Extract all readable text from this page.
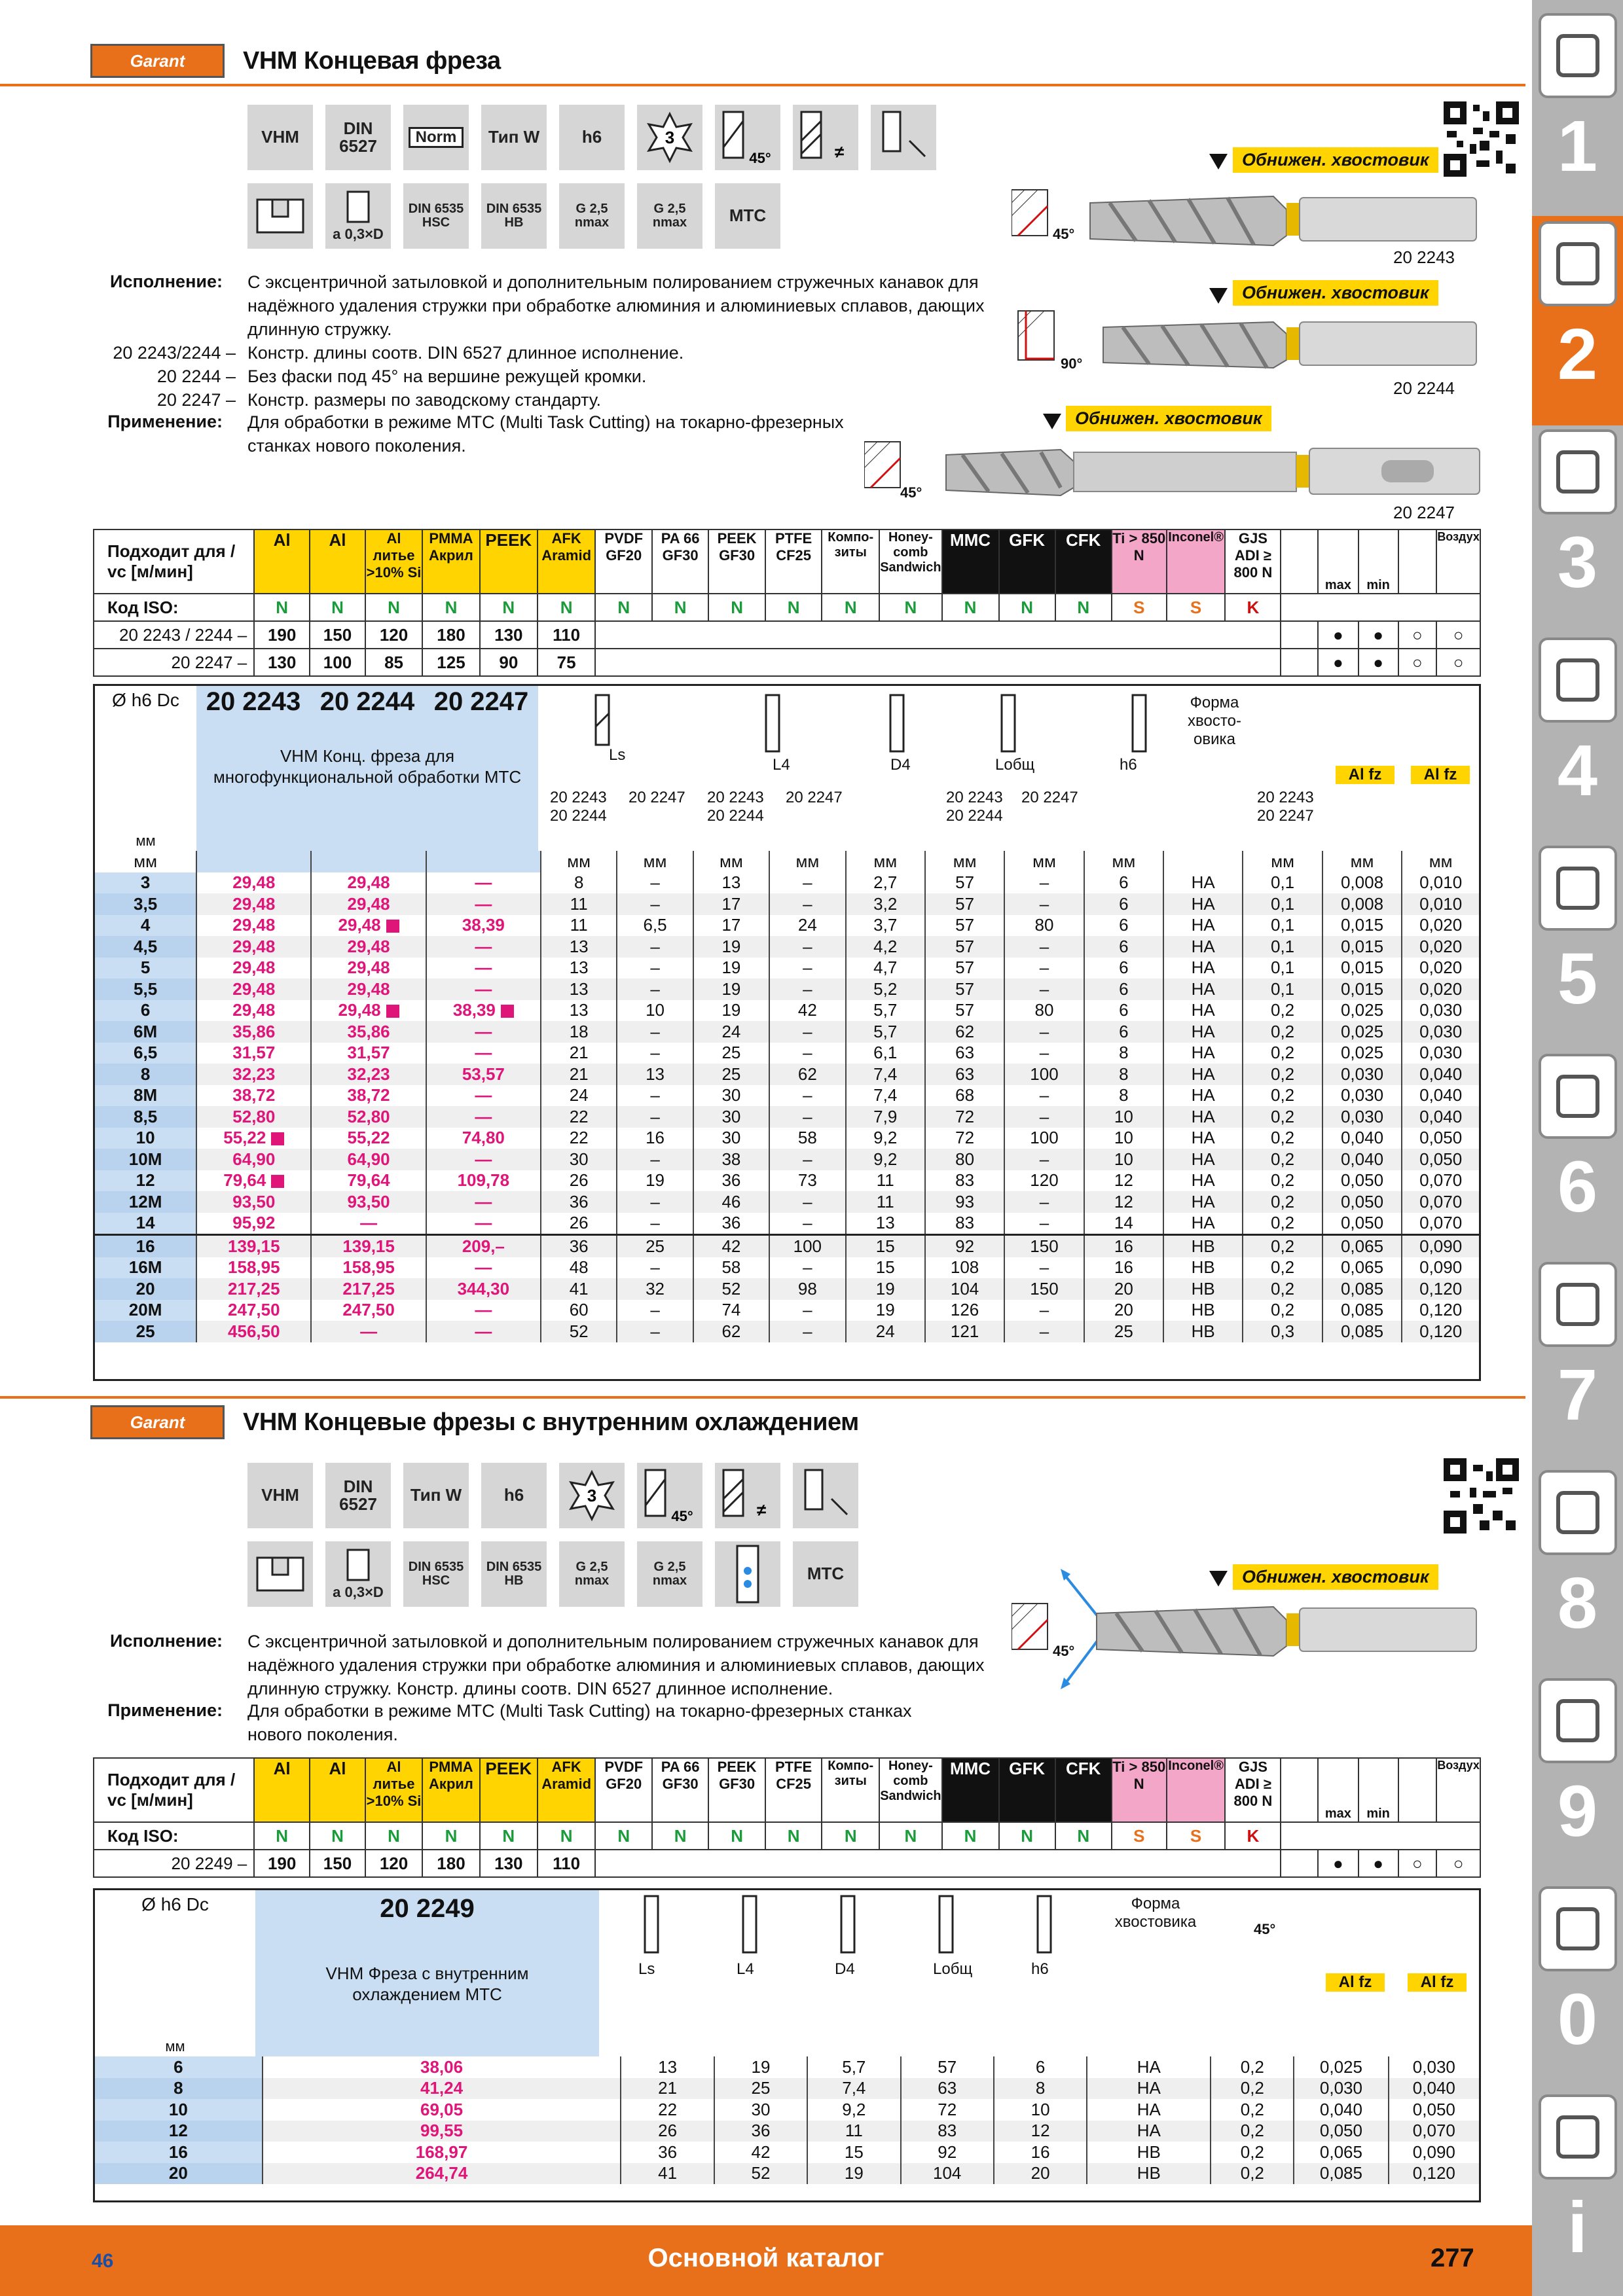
Garant	VHM Концевая фреза
VHM	DIN 6527	Norm	Тип W	h6	3
45°	≠

a 0,3×D
DIN 6535 HSC
DIN 6535 HB
G 2,5 nmax
G 2,5 nmax	MTC
Исполнение: С эксцентричной затыловкой и дополнительным полированием стружечных канавок для надёжного удаления стружки при обработке алюминия и алюминиевых сплавов, дающих длинную стружку.
20 2243/2244 – Констр. длины соотв. DIN 6527 длинное исполнение.
20 2244 – Без фаски под 45° на вершине режущей кромки.
20 2247 – Констр. размеры по заводскому стандарту.
Применение: Для обработки в режиме MTC (Multi Task Cutting) на токарно-фрезерных станках нового поколения.
Обнижен. хвостовик
45°
20 2243
Обнижен. хвостовик
90°
20 2244
Обнижен. хвостовик
45°
20 2247
Подходит для / vc [м/мин]	Al	Al	Al литье >10% Si	PMMA Акрил	PEEK	AFK Aramid	PVDF GF20	PA 66 GF30	PEEK GF30	PTFE CF25	Компо-зиты	Honey-comb Sandwich	MMC	GFK	CFK	Ti > 850 N	Inconel®	GJS ADI ≥ 800 N		max	min		Воздух
Код ISO:	N	N	N	N	N	N	N	N	N	N	N	N	N	N	N	S	S	K					
20 2243 / 2244 –	190	150	120	180	130	110														●	●	○	○
20 2247 –	130	100	85	125	90	75														●	●	○	○
Ø h6 Dc
мм
20 2243 20 2244 20 2247
VHM Конц. фреза для многофункциональной обработки MTC
20 2243 20 2244
20 2247	20 2243 20 2244
20 2247	20 2243 20 2244
20 2247
Форма хвосто-овика
20 2243 20 2247
Al fz	Al fz
Ls
L4	D4	Lобщ	h6
мм				мм	мм	мм	мм	мм	мм	мм	мм		мм	мм	мм
3	29,48	29,48	—	8	–	13	–	2,7	57	–	6	HA	0,1	0,008	0,010
3,5	29,48	29,48	—	11	–	17	–	3,2	57	–	6	HA	0,1	0,008	0,010
4	29,48	29,48	38,39	11	6,5	17	24	3,7	57	80	6	HA	0,1	0,015	0,020
4,5	29,48	29,48	—	13	–	19	–	4,2	57	–	6	HA	0,1	0,015	0,020
5	29,48	29,48	—	13	–	19	–	4,7	57	–	6	HA	0,1	0,015	0,020
5,5	29,48	29,48	—	13	–	19	–	5,2	57	–	6	HA	0,1	0,015	0,020
6	29,48	29,48	38,39	13	10	19	42	5,7	57	80	6	HA	0,2	0,025	0,030
6M	35,86	35,86	—	18	–	24	–	5,7	62	–	6	HA	0,2	0,025	0,030
6,5	31,57	31,57	—	21	–	25	–	6,1	63	–	8	HA	0,2	0,025	0,030
8	32,23	32,23	53,57	21	13	25	62	7,4	63	100	8	HA	0,2	0,030	0,040
8M	38,72	38,72	—	24	–	30	–	7,4	68	–	8	HA	0,2	0,030	0,040
8,5	52,80	52,80	—	22	–	30	–	7,9	72	–	10	HA	0,2	0,030	0,040
10	55,22	55,22	74,80	22	16	30	58	9,2	72	100	10	HA	0,2	0,040	0,050
10M	64,90	64,90	—	30	–	38	–	9,2	80	–	10	HA	0,2	0,040	0,050
12	79,64	79,64	109,78	26	19	36	73	11	83	120	12	HA	0,2	0,050	0,070
12M	93,50	93,50	—	36	–	46	–	11	93	–	12	HA	0,2	0,050	0,070
14	95,92	—	—	26	–	36	–	13	83	–	14	HA	0,2	0,050	0,070
16	139,15	139,15	209,–	36	25	42	100	15	92	150	16	HB	0,2	0,065	0,090
16M	158,95	158,95	—	48	–	58	–	15	108	–	16	HB	0,2	0,065	0,090
20	217,25	217,25	344,30	41	32	52	98	19	104	150	20	HB	0,2	0,085	0,120
20M	247,50	247,50	—	60	–	74	–	19	126	–	20	HB	0,2	0,085	0,120
25	456,50	—	—	52	–	62	–	24	121	–	25	HB	0,3	0,085	0,120
Garant	VHM Концевые фрезы с внутренним охлаждением
VHM	DIN 6527	Тип W	h6	3
45°	≠

a 0,3×D
DIN 6535 HSC
DIN 6535 HB
G 2,5 nmax
G 2,5 nmax	MTC
Исполнение: С эксцентричной затыловкой и дополнительным полированием стружечных канавок для надёжного удаления стружки при обработке алюминия и алюминиевых сплавов, дающих длинную стружку. Констр. длины соотв. DIN 6527 длинное исполнение.
Применение: Для обработки в режиме MTC (Multi Task Cutting) на токарно-фрезерных станках нового поколения.
Обнижен. хвостовик
45°
Подходит для / vc [м/мин]	Al	Al	Al литье >10% Si	PMMA Акрил	PEEK	AFK Aramid	PVDF GF20	PA 66 GF30	PEEK GF30	PTFE CF25	Компо-зиты	Honey-comb Sandwich	MMC	GFK	CFK	Ti > 850 N	Inconel®	GJS ADI ≥ 800 N		max	min		Воздух
Код ISO:	N	N	N	N	N	N	N	N	N	N	N	N	N	N	N	S	S	K					
20 2249 –	190	150	120	180	130	110														●	●	○	○
Ø h6 Dc
мм
20 2249
VHM Фреза с внутренним охлаждением MTC
Ls	L4	D4	Lобщ	h6
Форма хвостовика	45°
Al fz	Al fz
6	38,06	13	19	5,7	57	6	HA	0,2	0,025	0,030
8	41,24	21	25	7,4	63	8	HA	0,2	0,030	0,040
10	69,05	22	30	9,2	72	10	HA	0,2	0,040	0,050
12	99,55	26	36	11	83	12	HA	0,2	0,050	0,070
16	168,97	36	42	15	92	16	HB	0,2	0,065	0,090
20	264,74	41	52	19	104	20	HB	0,2	0,085	0,120
1
2
3
4
5
6
7
8
9
0
i
46	Основной каталог	277
